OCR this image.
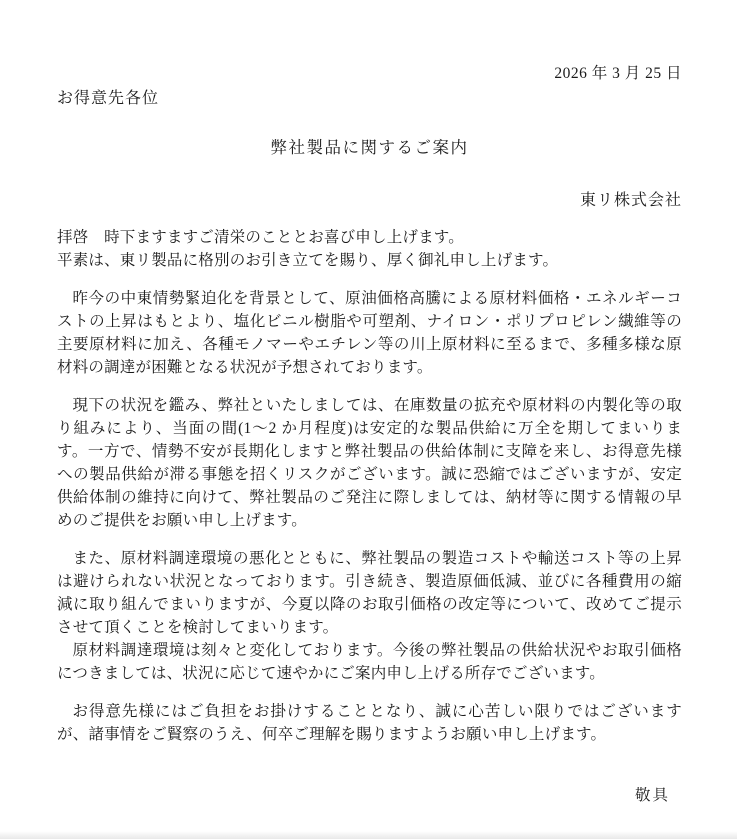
2026 年 3 月 25 日
お得意先各位
弊社製品に関するご案内
東リ株式会社

拝啓　時下ますますご清栄のこととお喜び申し上げます。

平素は、東リ製品に格別のお引き立てを賜り、厚く御礼申し上げます。

昨今の中東情勢緊迫化を背景として、原油価格高騰による原材料価格・エネルギーコストの上昇はもとより、塩化ビニル樹脂や可塑剤、ナイロン・ポリプロピレン繊維等の主要原材料に加え、各種モノマーやエチレン等の川上原材料に至るまで、多種多様な原材料の調達が困難となる状況が予想されております。

現下の状況を鑑み、弊社といたしましては、在庫数量の拡充や原材料の内製化等の取り組みにより、当面の間(1～2 か月程度)は安定的な製品供給に万全を期してまいります。一方で、情勢不安が長期化しますと弊社製品の供給体制に支障を来し、お得意先様への製品供給が滞る事態を招くリスクがございます。誠に恐縮ではございますが、安定供給体制の維持に向けて、弊社製品のご発注に際しましては、納材等に関する情報の早めのご提供をお願い申し上げます。

また、原材料調達環境の悪化とともに、弊社製品の製造コストや輸送コスト等の上昇は避けられない状況となっております。引き続き、製造原価低減、並びに各種費用の縮減に取り組んでまいりますが、今夏以降のお取引価格の改定等について、改めてご提示させて頂くことを検討してまいります。

原材料調達環境は刻々と変化しております。今後の弊社製品の供給状況やお取引価格につきましては、状況に応じて速やかにご案内申し上げる所存でございます。

お得意先様にはご負担をお掛けすることとなり、誠に心苦しい限りではございますが、諸事情をご賢察のうえ、何卒ご理解を賜りますようお願い申し上げます。

敬具
